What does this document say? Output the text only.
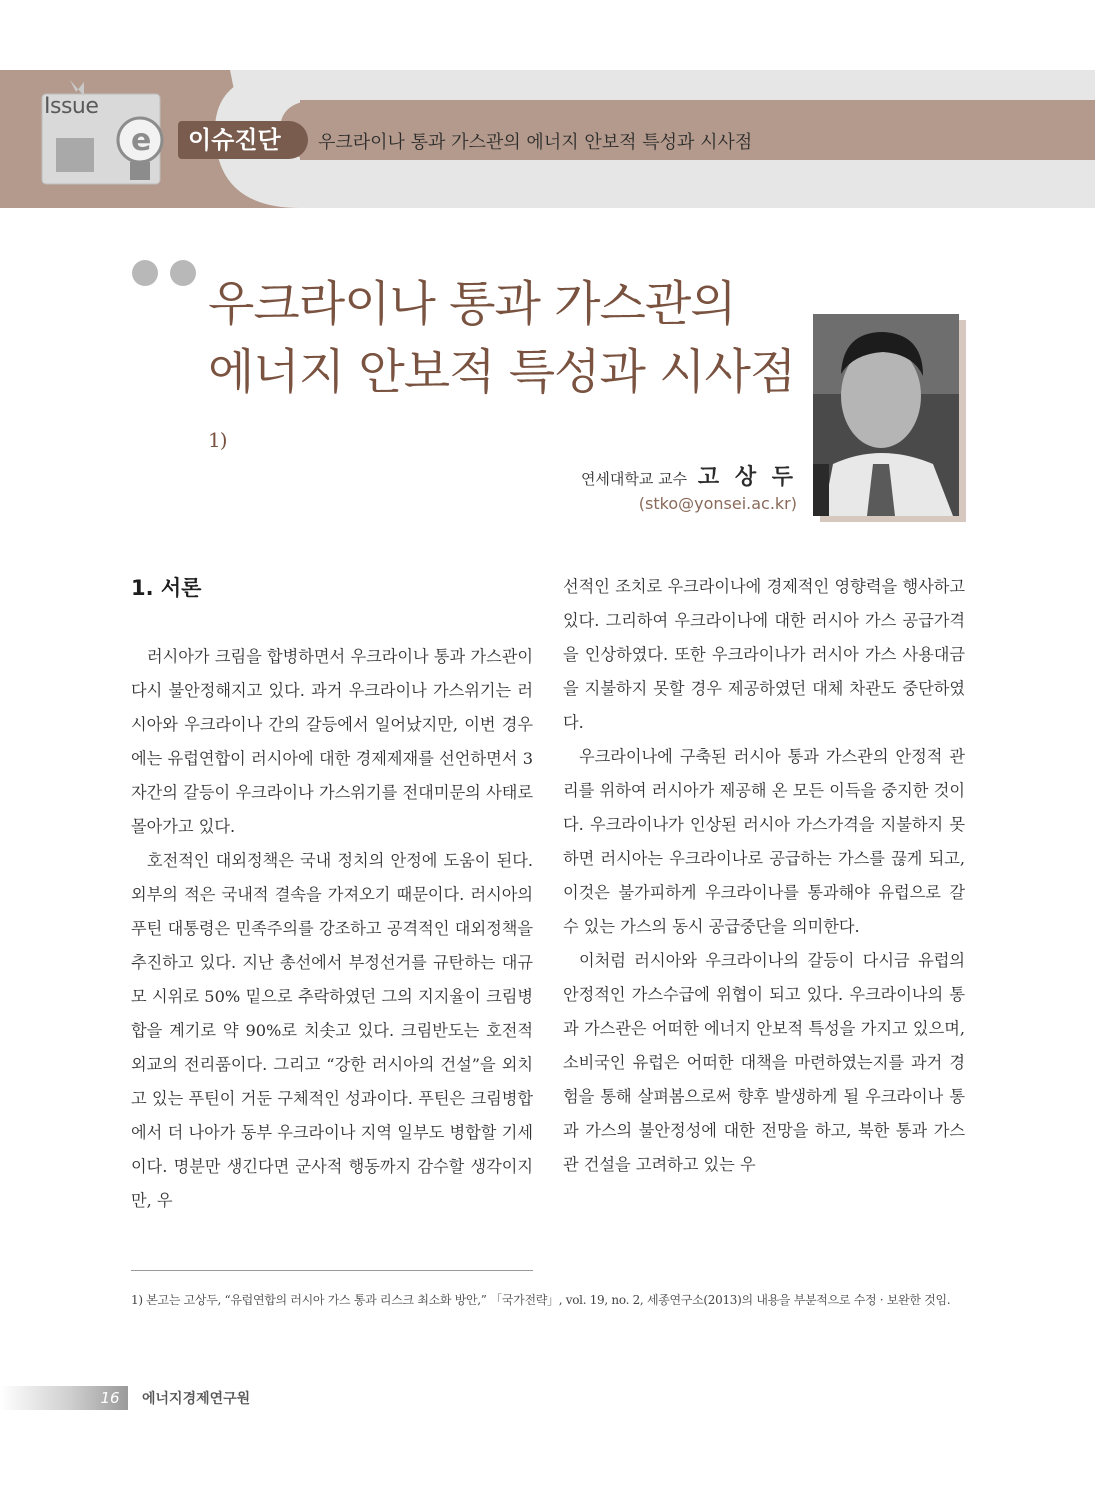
e
Issue
이슈진단	우크라이나 통과 가스관의 에너지 안보적 특성과 시사점
우크라이나 통과 가스관의
에너지 안보적 특성과 시사점$^{1)}$
연세대학교 교수 고 상 두
(stko@yonsei.ac.kr)
1. 서론

러시아가 크림을 합병하면서 우크라이나 통과 가스관이 다시 불안정해지고 있다. 과거 우크라이나 가스위기는 러시아와 우크라이나 간의 갈등에서 일어났지만, 이번 경우에는 유럽연합이 러시아에 대한 경제제재를 선언하면서 3자간의 갈등이 우크라이나 가스위기를 전대미문의 사태로 몰아가고 있다.

호전적인 대외정책은 국내 정치의 안정에 도움이 된다. 외부의 적은 국내적 결속을 가져오기 때문이다. 러시아의 푸틴 대통령은 민족주의를 강조하고 공격적인 대외정책을 추진하고 있다. 지난 총선에서 부정선거를 규탄하는 대규모 시위로 50% 밑으로 추락하였던 그의 지지율이 크림병합을 계기로 약 90%로 치솟고 있다. 크림반도는 호전적 외교의 전리품이다. 그리고 “강한 러시아의 건설”을 외치고 있는 푸틴이 거둔 구체적인 성과이다. 푸틴은 크림병합에서 더 나아가 동부 우크라이나 지역 일부도 병합할 기세이다. 명분만 생긴다면 군사적 행동까지 감수할 생각이지만, 우

선적인 조치로 우크라이나에 경제적인 영향력을 행사하고 있다. 그리하여 우크라이나에 대한 러시아 가스 공급가격을 인상하였다. 또한 우크라이나가 러시아 가스 사용대금을 지불하지 못할 경우 제공하였던 대체 차관도 중단하였다.

우크라이나에 구축된 러시아 통과 가스관의 안정적 관리를 위하여 러시아가 제공해 온 모든 이득을 중지한 것이다. 우크라이나가 인상된 러시아 가스가격을 지불하지 못하면 러시아는 우크라이나로 공급하는 가스를 끊게 되고, 이것은 불가피하게 우크라이나를 통과해야 유럽으로 갈 수 있는 가스의 동시 공급중단을 의미한다.

이처럼 러시아와 우크라이나의 갈등이 다시금 유럽의 안정적인 가스수급에 위협이 되고 있다. 우크라이나의 통과 가스관은 어떠한 에너지 안보적 특성을 가지고 있으며, 소비국인 유럽은 어떠한 대책을 마련하였는지를 과거 경험을 통해 살펴봄으로써 향후 발생하게 될 우크라이나 통과 가스의 불안정성에 대한 전망을 하고, 북한 통과 가스관 건설을 고려하고 있는 우

1) 본고는 고상두, “유럽연합의 러시아 가스 통과 리스크 최소화 방안,” 「국가전략」, vol. 19, no. 2, 세종연구소(2013)의 내용을 부분적으로 수정 · 보완한 것임.
16	에너지경제연구원
